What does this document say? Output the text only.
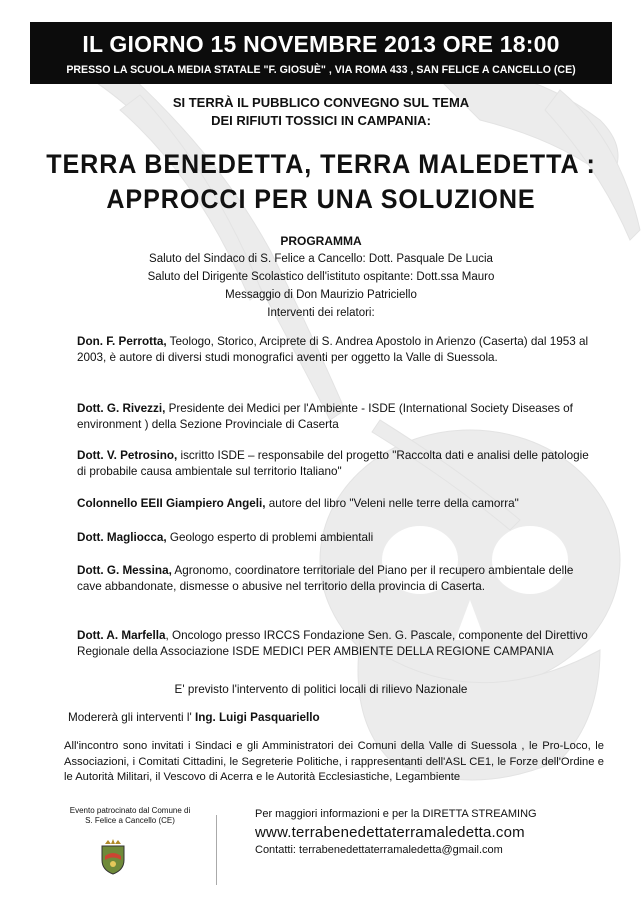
IL GIORNO 15 NOVEMBRE 2013 ORE 18:00
PRESSO LA SCUOLA MEDIA STATALE "F. GIOSUÈ" , VIA ROMA 433 , SAN FELICE A CANCELLO (CE)
SI TERRÀ IL PUBBLICO CONVEGNO SUL TEMA
DEI RIFIUTI TOSSICI IN CAMPANIA:
TERRA BENEDETTA, TERRA MALEDETTA :
APPROCCI PER UNA SOLUZIONE
PROGRAMMA
Saluto del Sindaco di S. Felice a Cancello: Dott. Pasquale De Lucia
Saluto del Dirigente Scolastico dell'istituto ospitante: Dott.ssa Mauro
Messaggio di Don Maurizio Patriciello
Interventi dei relatori:
Don. F. Perrotta, Teologo, Storico, Arciprete di S. Andrea Apostolo in Arienzo (Caserta) dal 1953 al 2003, è autore di diversi studi monografici aventi per oggetto la Valle di Suessola.
Dott. G. Rivezzi, Presidente dei Medici per l'Ambiente - ISDE (International Society Diseases of environment ) della Sezione Provinciale di Caserta
Dott. V. Petrosino, iscritto ISDE – responsabile del progetto "Raccolta dati e analisi delle patologie di probabile causa ambientale sul territorio Italiano"
Colonnello EEII Giampiero Angeli, autore del libro "Veleni nelle terre della camorra"
Dott. Magliocca, Geologo esperto di problemi ambientali
Dott. G. Messina, Agronomo, coordinatore territoriale del Piano per il recupero ambientale delle cave abbandonate, dismesse o abusive nel territorio della provincia di Caserta.
Dott. A. Marfella, Oncologo presso IRCCS Fondazione Sen. G. Pascale, componente del Direttivo Regionale della Associazione ISDE MEDICI PER AMBIENTE DELLA REGIONE CAMPANIA
E' previsto l'intervento di politici locali di rilievo Nazionale
Modererà gli interventi l' Ing. Luigi Pasquariello
All'incontro sono invitati i Sindaci e gli Amministratori dei Comuni della Valle di Suessola , le Pro-Loco, le Associazioni, i Comitati Cittadini, le Segreterie Politiche, i rappresentanti dell'ASL CE1, le Forze dell'Ordine e le Autorità Militari, il Vescovo di Acerra e le Autorità Ecclesiastiche, Legambiente
Evento patrocinato dal Comune di
S. Felice a Cancello (CE)
Per maggiori informazioni e per la DIRETTA STREAMING
www.terrabenedettaterramaledetta.com
Contatti: terrabenedettaterramaledetta@gmail.com
